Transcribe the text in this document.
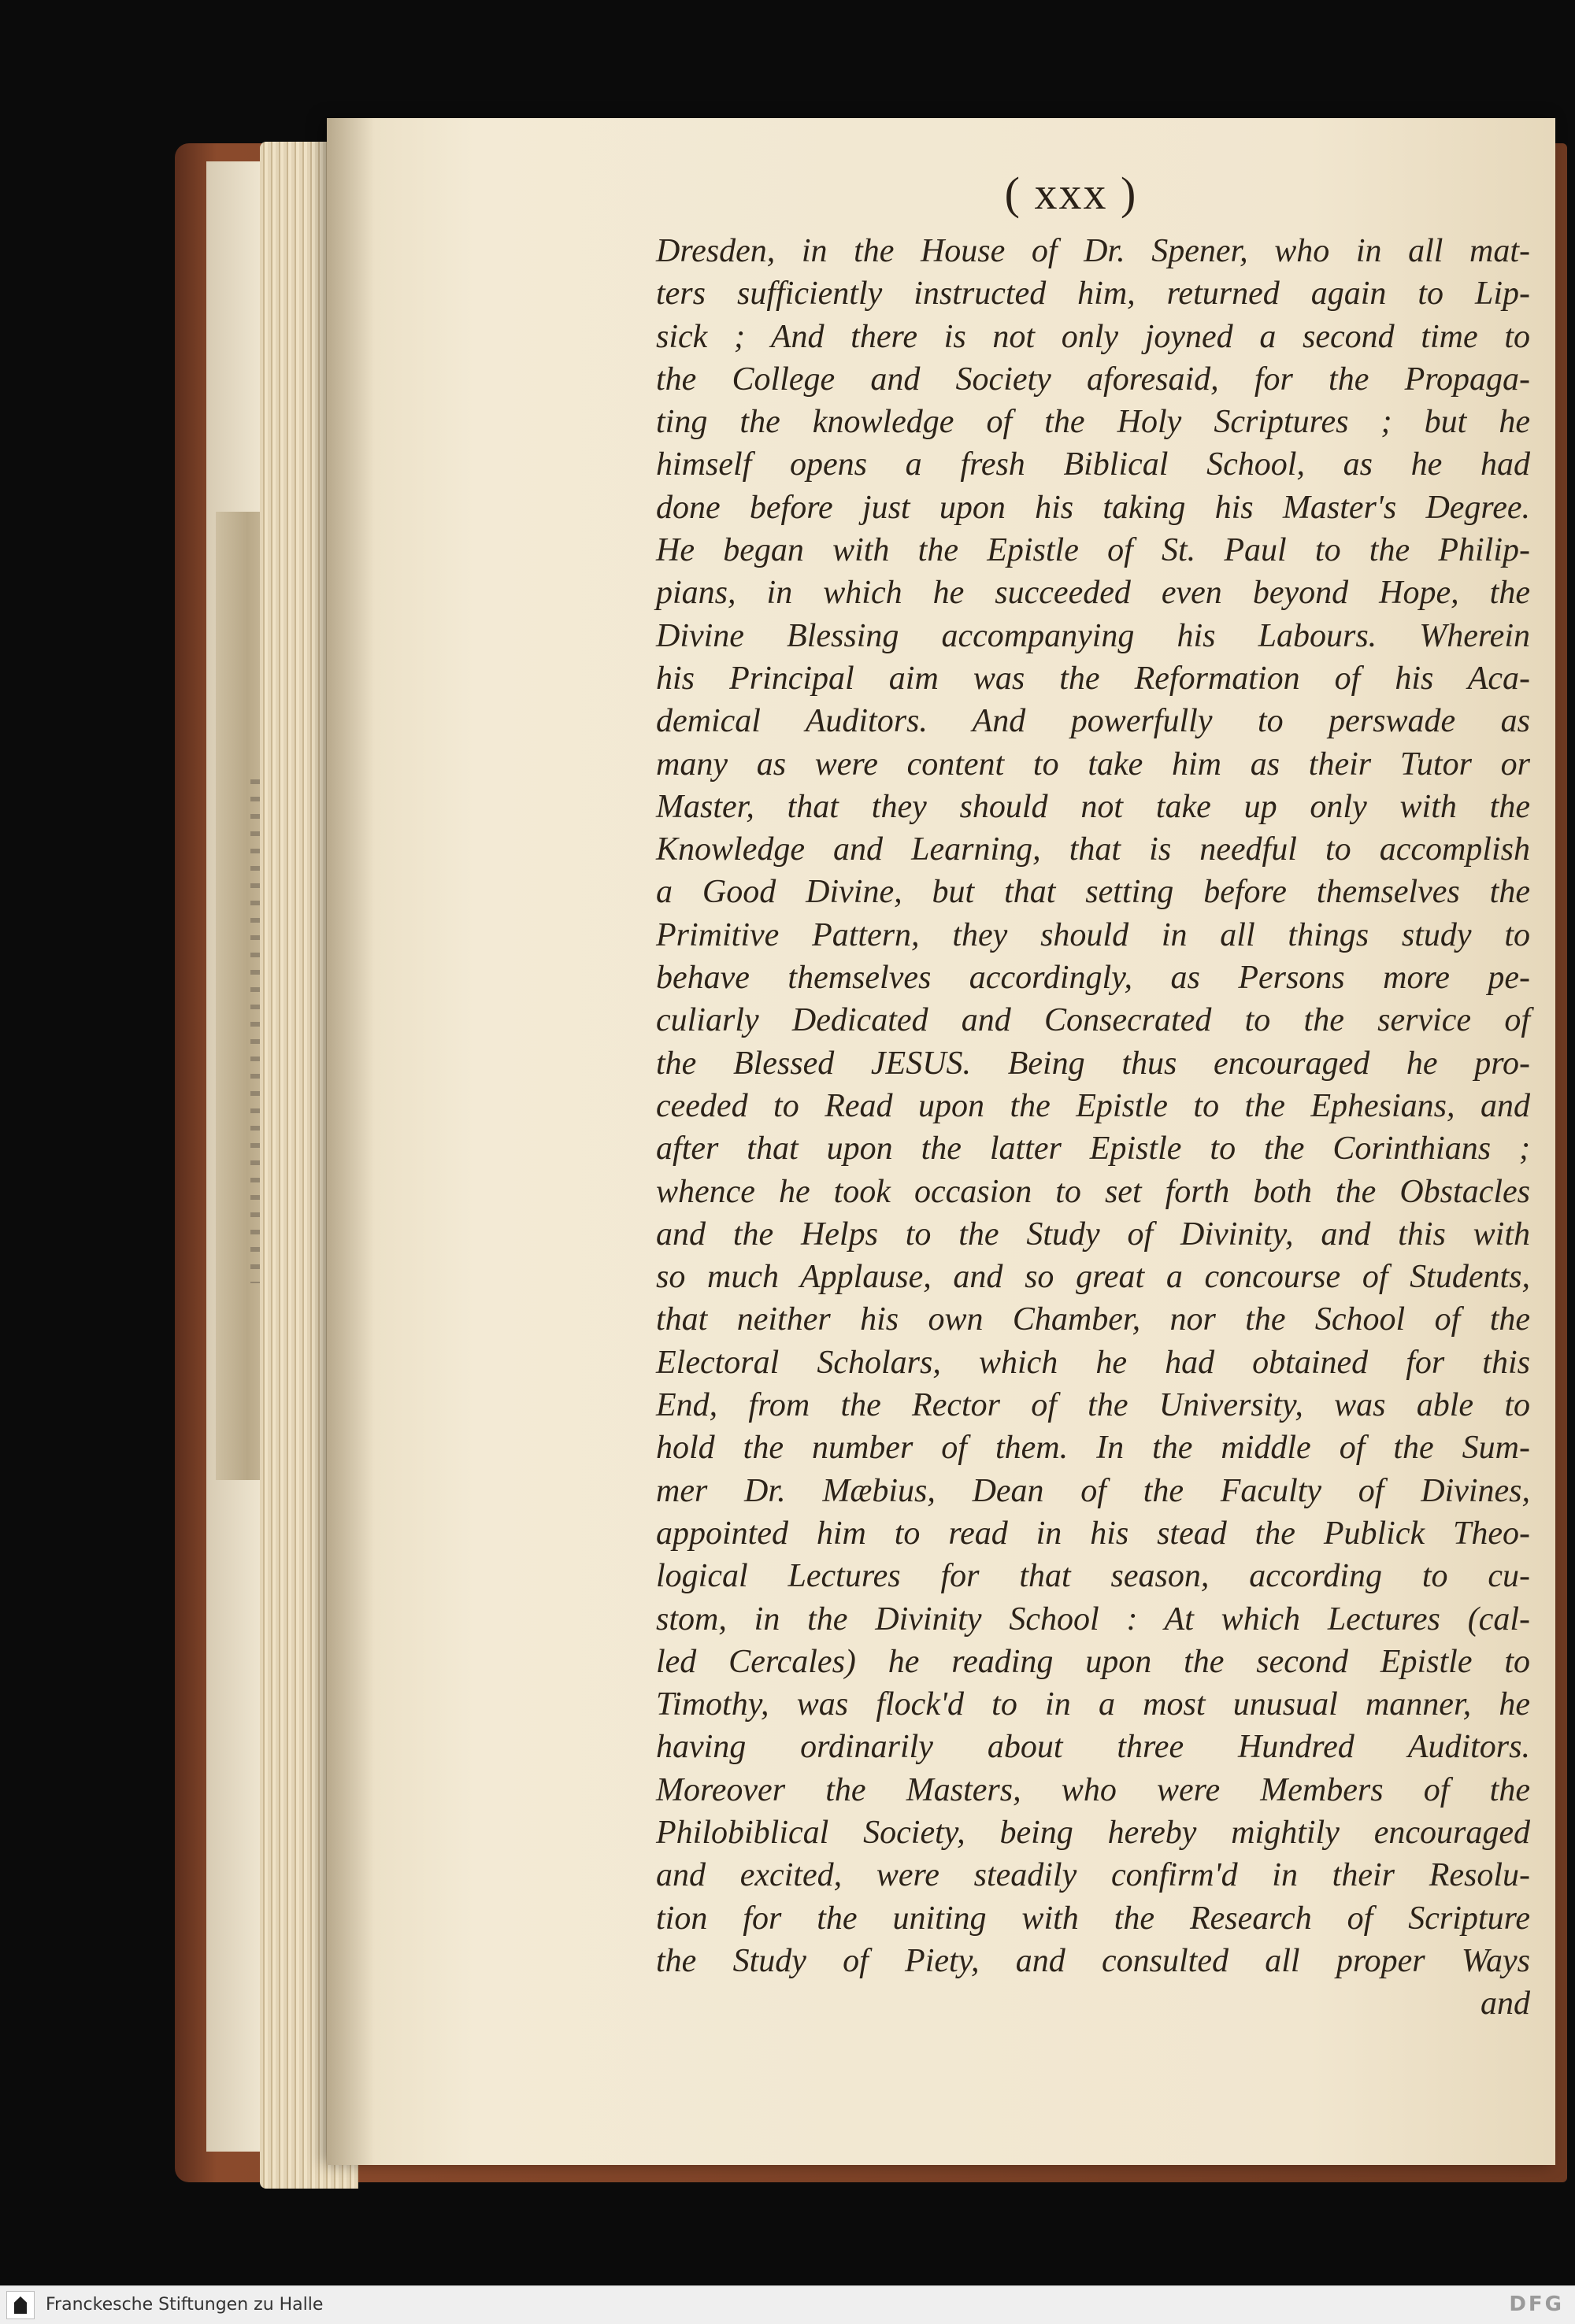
( xxx )
Dresden, in the House of Dr. Spener, who in all mat-
ters sufficiently instructed him, returned again to Lip-
sick ; And there is not only joyned a second time to
the College and Society aforesaid, for the Propaga-
ting the knowledge of the Holy Scriptures ; but he
himself opens a fresh Biblical School, as he had
done before just upon his taking his Master's Degree.
He began with the Epistle of St. Paul to the Philip-
pians, in which he succeeded even beyond Hope, the
Divine Blessing accompanying his Labours. Wherein
his Principal aim was the Reformation of his Aca-
demical Auditors. And powerfully to perswade as
many as were content to take him as their Tutor or
Master, that they should not take up only with the
Knowledge and Learning, that is needful to accomplish
a Good Divine, but that setting before themselves the
Primitive Pattern, they should in all things study to
behave themselves accordingly, as Persons more pe-
culiarly Dedicated and Consecrated to the service of
the Blessed JESUS. Being thus encouraged he pro-
ceeded to Read upon the Epistle to the Ephesians, and
after that upon the latter Epistle to the Corinthians ;
whence he took occasion to set forth both the Obstacles
and the Helps to the Study of Divinity, and this with
so much Applause, and so great a concourse of Students,
that neither his own Chamber, nor the School of the
Electoral Scholars, which he had obtained for this
End, from the Rector of the University, was able to
hold the number of them. In the middle of the Sum-
mer Dr. Mæbius, Dean of the Faculty of Divines,
appointed him to read in his stead the Publick Theo-
logical Lectures for that season, according to cu-
stom, in the Divinity School : At which Lectures (cal-
led Cercales) he reading upon the second Epistle to
Timothy, was flock'd to in a most unusual manner, he
having ordinarily about three Hundred Auditors.
Moreover the Masters, who were Members of the
Philobiblical Society, being hereby mightily encouraged
and excited, were steadily confirm'd in their Resolu-
tion for the uniting with the Research of Scripture
the Study of Piety, and consulted all proper Ways
and
Franckesche Stiftungen zu Halle	DFG
